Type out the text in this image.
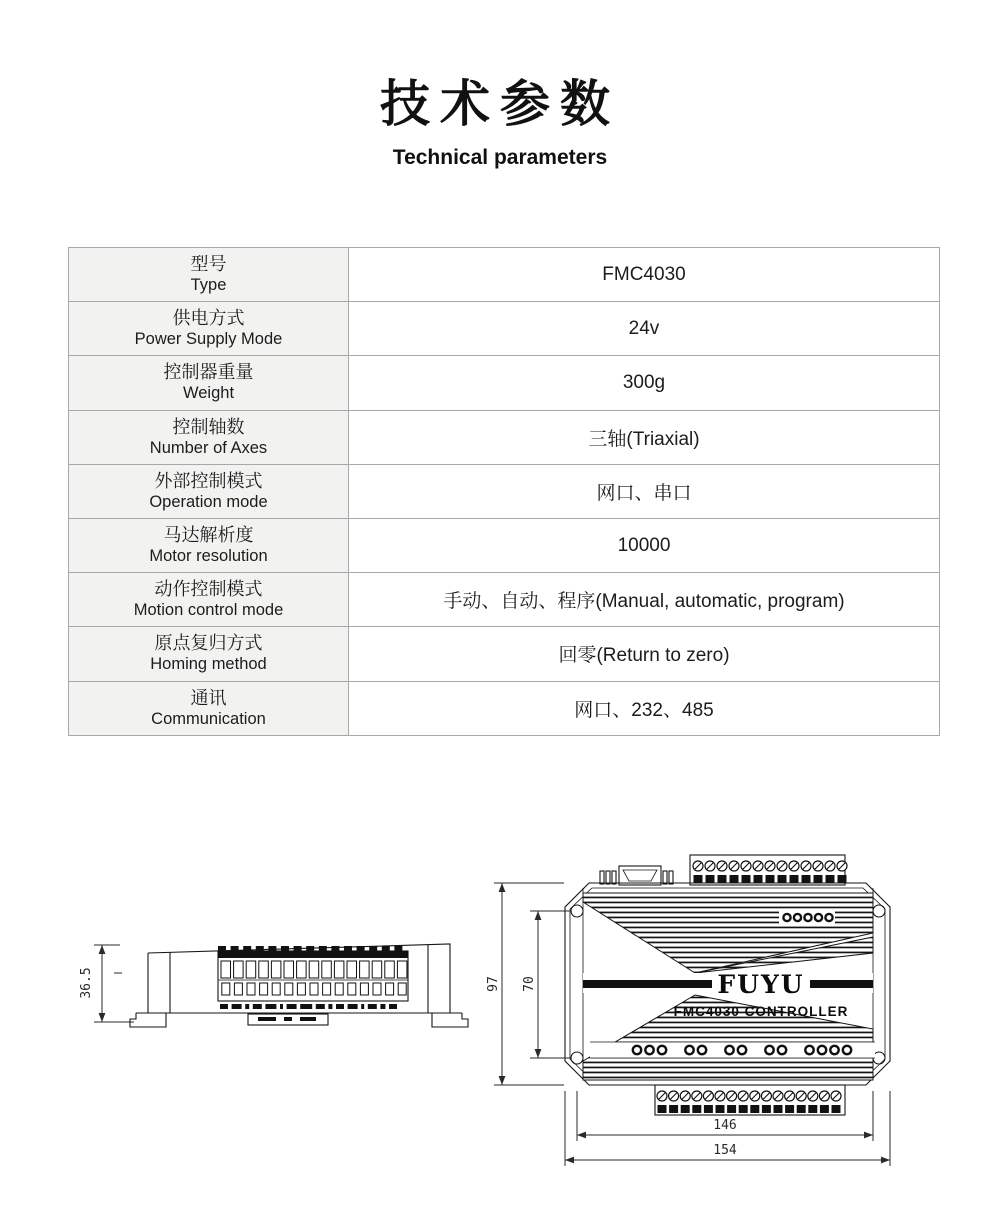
技术参数
Technical parameters
型号
Type	FMC4030

供电方式
Power Supply Mode	24v

控制器重量
Weight	300g

控制轴数
Number of Axes	三轴(Triaxial)

外部控制模式
Operation mode	网口、串口

马达解析度
Motor resolution	10000

动作控制模式
Motion control mode	手动、自动、程序(Manual, automatic, program)

原点复归方式
Homing method	回零(Return to zero)

通讯
Communication	网口、232、485
36.5	FUYU
FMC4030 CONTROLLER
97 70
146
154
